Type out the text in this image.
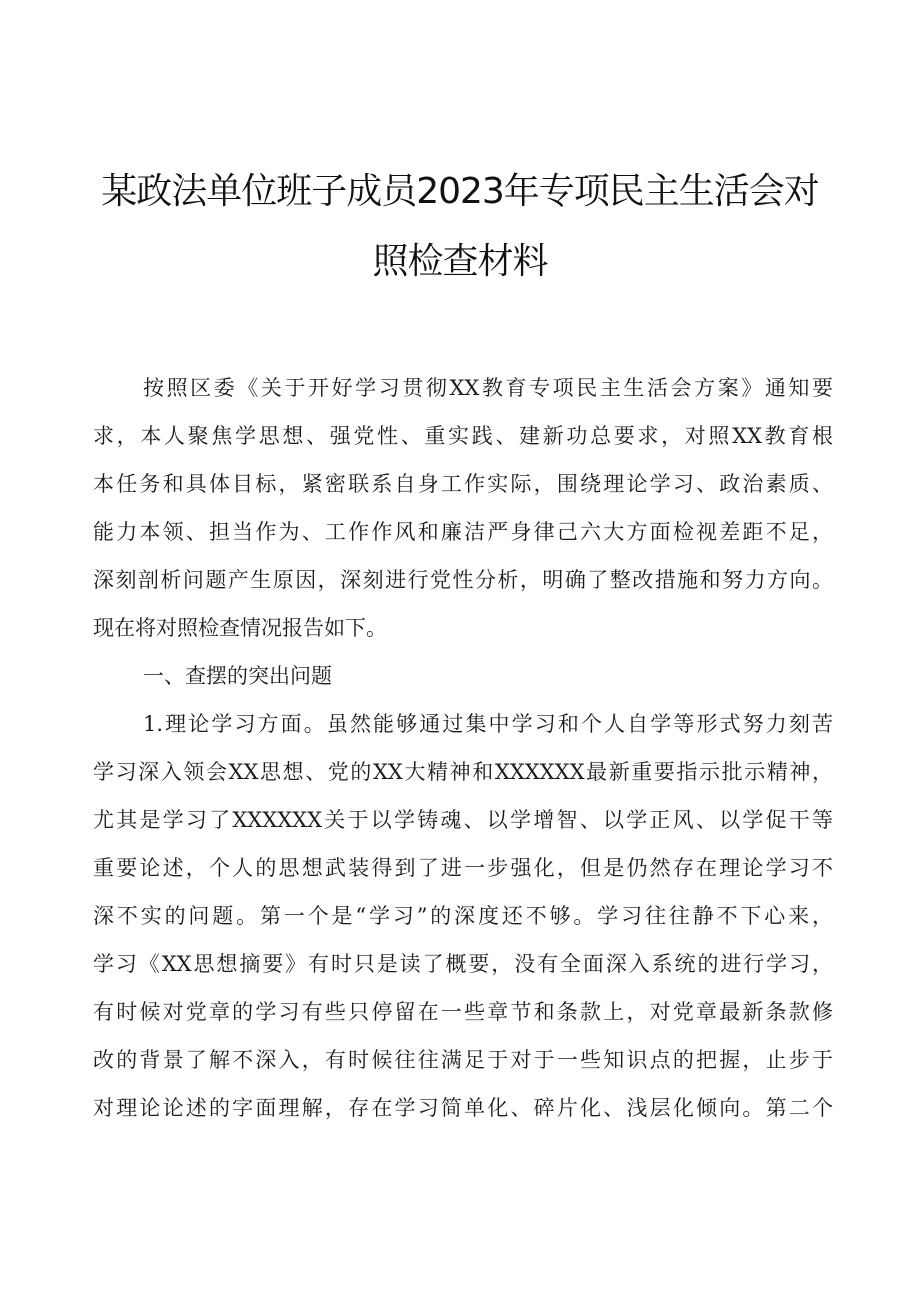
某政法单位班子成员2023年专项民主生活会对
照检查材料
按照区委《关于开好学习贯彻XX教育专项民主生活会方案》通知要
求，本人聚焦学思想、强党性、重实践、建新功总要求，对照XX教育根
本任务和具体目标，紧密联系自身工作实际，围绕理论学习、政治素质、
能力本领、担当作为、工作作风和廉洁严身律己六大方面检视差距不足，
深刻剖析问题产生原因，深刻进行党性分析，明确了整改措施和努力方向。
现在将对照检查情况报告如下。
一、查摆的突出问题
1.理论学习方面。虽然能够通过集中学习和个人自学等形式努力刻苦
学习深入领会XX思想、党的XX大精神和XXXXXX最新重要指示批示精神，
尤其是学习了XXXXXX关于以学铸魂、以学增智、以学正风、以学促干等
重要论述，个人的思想武装得到了进一步强化，但是仍然存在理论学习不
深不实的问题。第一个是“学习”的深度还不够。学习往往静不下心来，
学习《XX思想摘要》有时只是读了概要，没有全面深入系统的进行学习，
有时候对党章的学习有些只停留在一些章节和条款上，对党章最新条款修
改的背景了解不深入，有时候往往满足于对于一些知识点的把握，止步于
对理论论述的字面理解，存在学习简单化、碎片化、浅层化倾向。第二个
